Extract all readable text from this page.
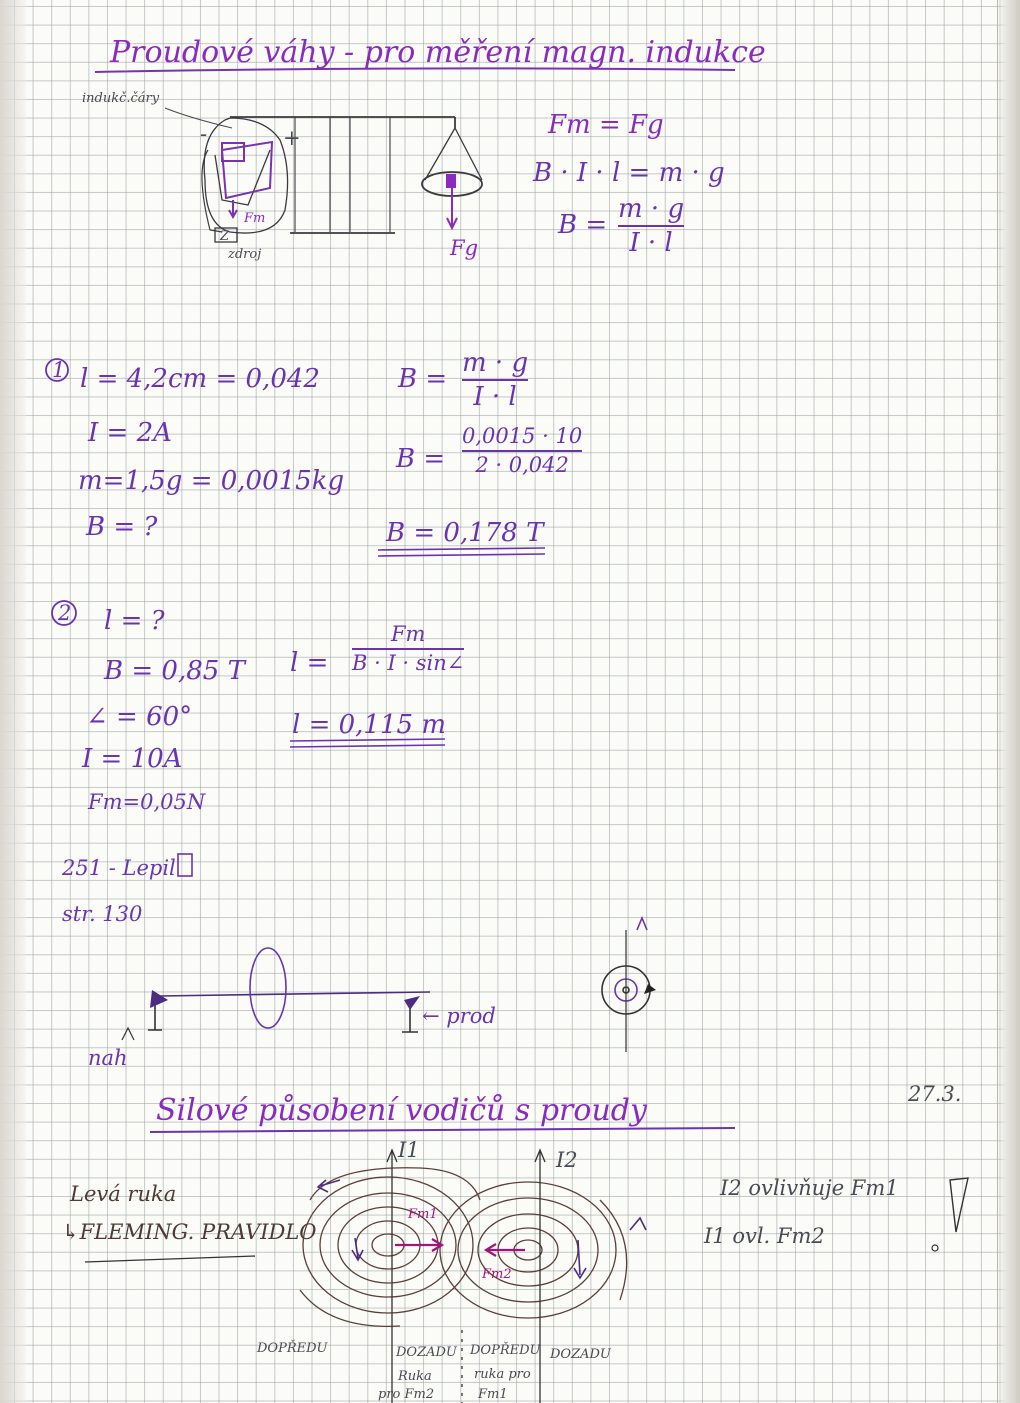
Proudové váhy - pro měření magn. indukce
indukč.čáry
-	+
Fm
Z
zdroj	Fg
Fm = Fg
B · I · l = m · g
B =
m · g
I · l
1 l = 4,2cm = 0,042
I = 2A
m=1,5g = 0,0015kg
B = ?
B =
m · g
I · l
B =
0,0015 · 10
2 · 0,042
B = 0,178 T
2 l = ?
B = 0,85 T
∠ = 60°
I = 10A
Fm=0,05N
l =
Fm
B · I · sin∠
l = 0,115 m
251 - Lepil
str. 130
nah
← prod
27.3.
Silové působení vodičů s proudy
Levá ruka
↳FLEMING. PRAVIDLO
I1	I2
Fm1
Fm2
I2 ovlivňuje Fm1
I1 ovl. Fm2
DOPŘEDU	DOZADU DOPŘEDU DOZADU
Ruka
pro Fm2
ruka pro
Fm1
